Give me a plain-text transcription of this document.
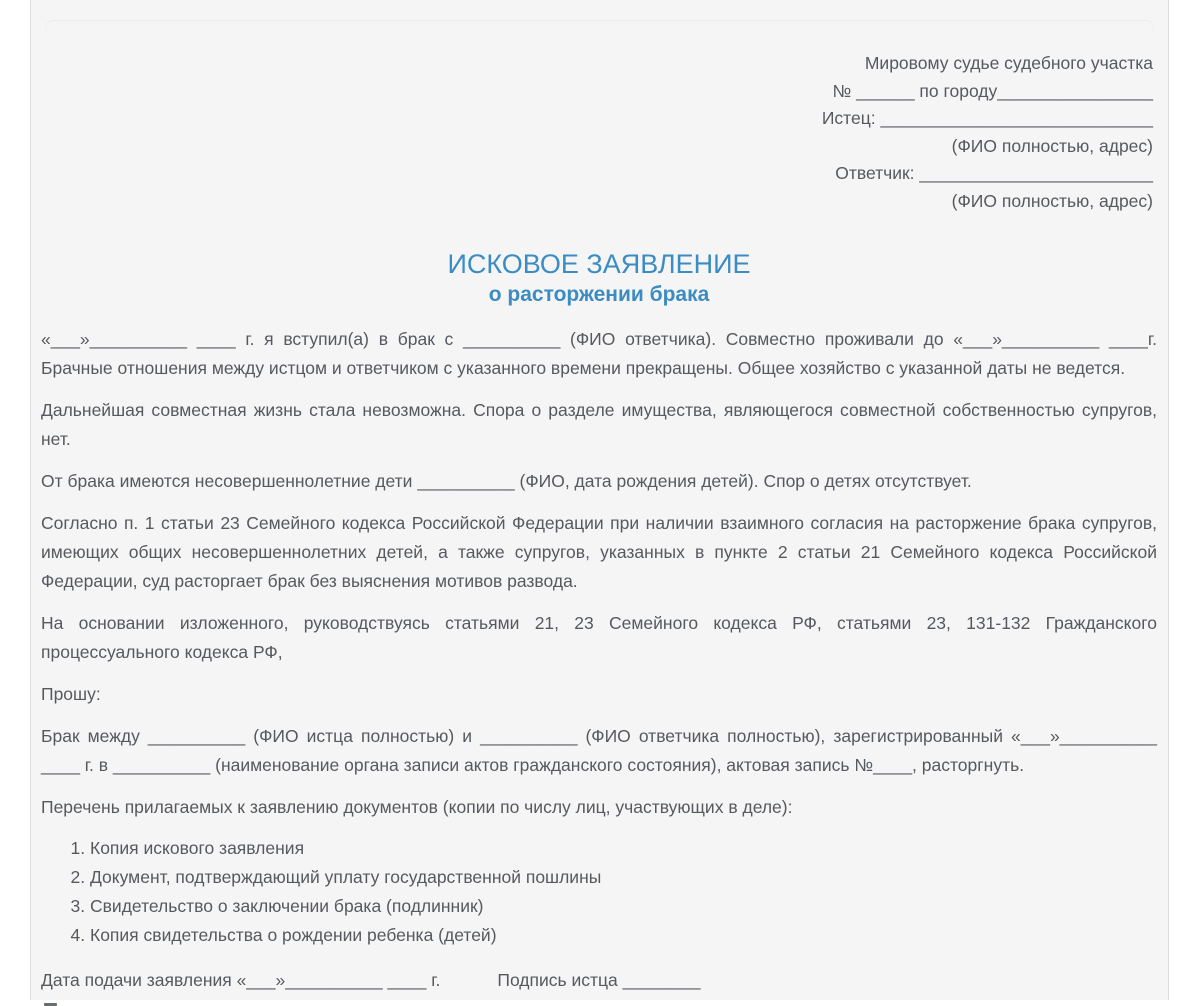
Мировому судье судебного участка
№ ______ по городу________________
Истец: ____________________________
(ФИО полностью, адрес)
Ответчик: ________________________
(ФИО полностью, адрес)
ИСКОВОЕ ЗАЯВЛЕНИЕ
о расторжении брака

«___»__________ ____ г. я вступил(а) в брак с __________ (ФИО ответчика). Совместно проживали до «___»__________ ____г. Брачные отношения между истцом и ответчиком с указанного времени прекращены. Общее хозяйство с указанной даты не ведется.

Дальнейшая совместная жизнь стала невозможна. Спора о разделе имущества, являющегося совместной собственностью супругов, нет.

От брака имеются несовершеннолетние дети __________ (ФИО, дата рождения детей). Спор о детях отсутствует.

Согласно п. 1 статьи 23 Семейного кодекса Российской Федерации при наличии взаимного согласия на расторжение брака супругов, имеющих общих несовершеннолетних детей, а также супругов, указанных в пункте 2 статьи 21 Семейного кодекса Российской Федерации, суд расторгает брак без выяснения мотивов развода.

На основании изложенного, руководствуясь статьями 21, 23 Семейного кодекса РФ, статьями 23, 131-132 Гражданского процессуального кодекса РФ,

Прошу:

Брак между __________ (ФИО истца полностью) и __________ (ФИО ответчика полностью), зарегистрированный «___»__________ ____ г. в __________ (наименование органа записи актов гражданского состояния), актовая запись №____, расторгнуть.

Перечень прилагаемых к заявлению документов (копии по числу лиц, участвующих в деле):

1. Копия искового заявления
2. Документ, подтверждающий уплату государственной пошлины
3. Свидетельство о заключении брака (подлинник)
4. Копия свидетельства о рождении ребенка (детей)
Дата подачи заявления «___»__________ ____ г.	Подпись истца ________
